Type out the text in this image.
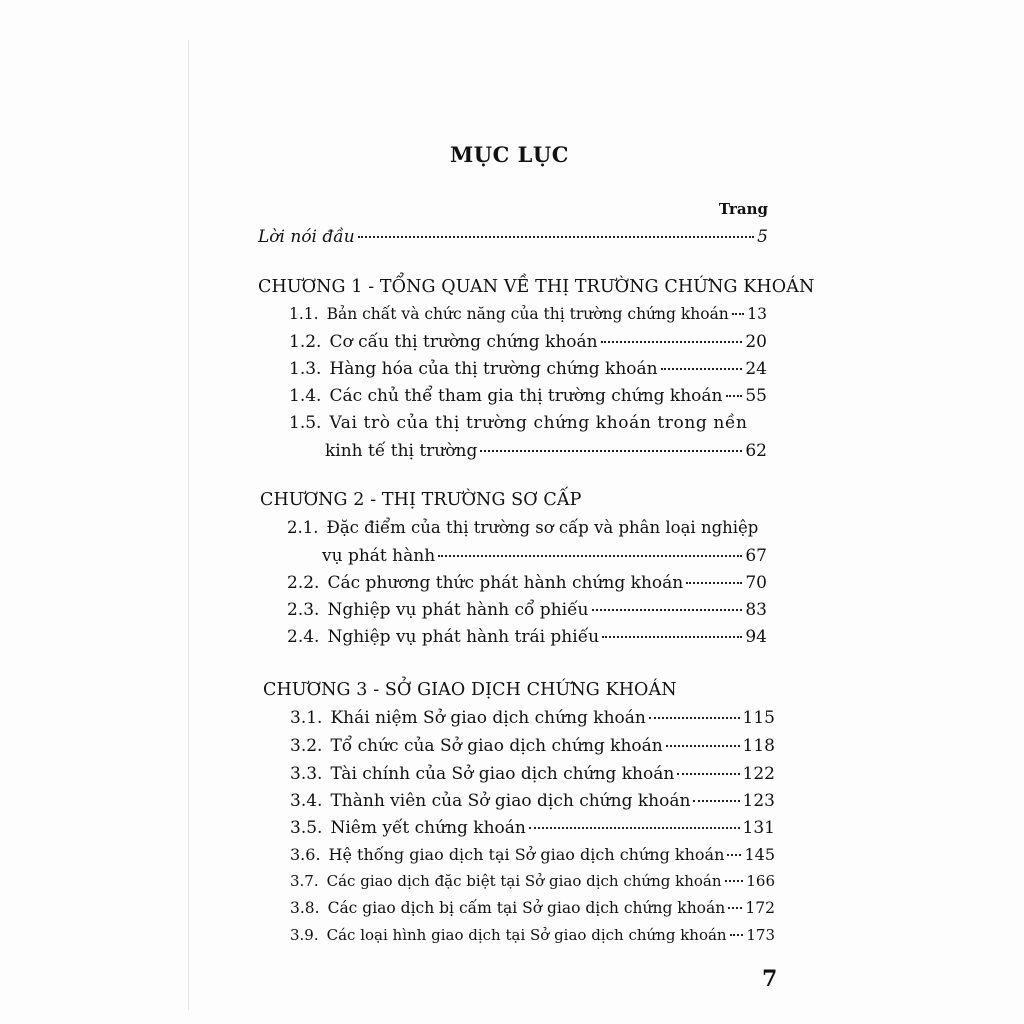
MỤC LỤC
Trang
Lời nói đầu	5
CHƯƠNG 1 - TỔNG QUAN VỀ THỊ TRƯỜNG CHỨNG KHOÁN
1.1. Bản chất và chức năng của thị trường chứng khoán 13
1.2. Cơ cấu thị trường chứng khoán	20
1.3. Hàng hóa của thị trường chứng khoán	24
1.4. Các chủ thể tham gia thị trường chứng khoán 55
1.5. Vai trò của thị trường chứng khoán trong nền
kinh tế thị trường	62
CHƯƠNG 2 - THỊ TRƯỜNG SƠ CẤP
2.1. Đặc điểm của thị trường sơ cấp và phân loại nghiệp
vụ phát hành	67
2.2. Các phương thức phát hành chứng khoán	70
2.3. Nghiệp vụ phát hành cổ phiếu	83
2.4. Nghiệp vụ phát hành trái phiếu	94
CHƯƠNG 3 - SỞ GIAO DỊCH CHỨNG KHOÁN
3.1. Khái niệm Sở giao dịch chứng khoán	115
3.2. Tổ chức của Sở giao dịch chứng khoán	118
3.3. Tài chính của Sở giao dịch chứng khoán	122
3.4. Thành viên của Sở giao dịch chứng khoán	123
3.5. Niêm yết chứng khoán	131
3.6. Hệ thống giao dịch tại Sở giao dịch chứng khoán 145
3.7. Các giao dịch đặc biệt tại Sở giao dịch chứng khoán 166
3.8. Các giao dịch bị cấm tại Sở giao dịch chứng khoán 172
3.9. Các loại hình giao dịch tại Sở giao dịch chứng khoán 173
7
